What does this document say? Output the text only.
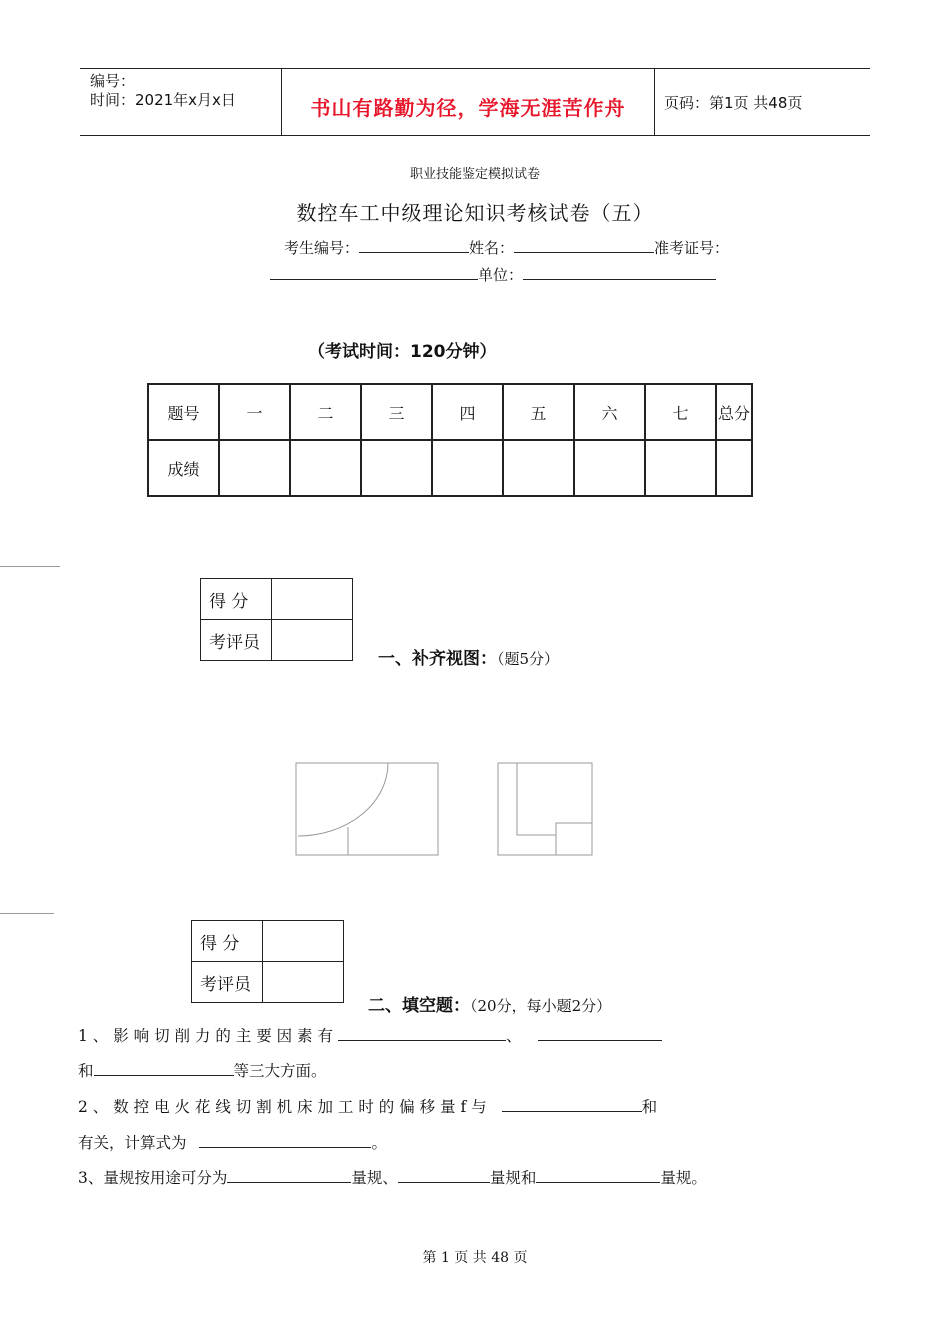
编号：
时间：2021年x月x日	书山有路勤为径，学海无涯苦作舟	页码：第1页 共48页
职业技能鉴定模拟试卷
数控车工中级理论知识考核试卷（五）
考生编号：	姓名：	准考证号：
单位：
（考试时间：120分钟）
题号	一	二	三	四	五	六	七	总分
成绩								
得 分	
考评员	
一、补齐视图：（题5分）
得 分	
考评员	
二、填空题：（20分，每小题2分）
1 、 影 响 切 削 力 的 主 要 因 素 有	、
和	等三大方面。
2 、 数 控 电 火 花 线 切 割 机 床 加 工 时 的 偏 移 量 f 与	和
有关，计算式为	。
3、量规按用途可分为	量规、	量规和	量规。
第 1 页 共 48 页
